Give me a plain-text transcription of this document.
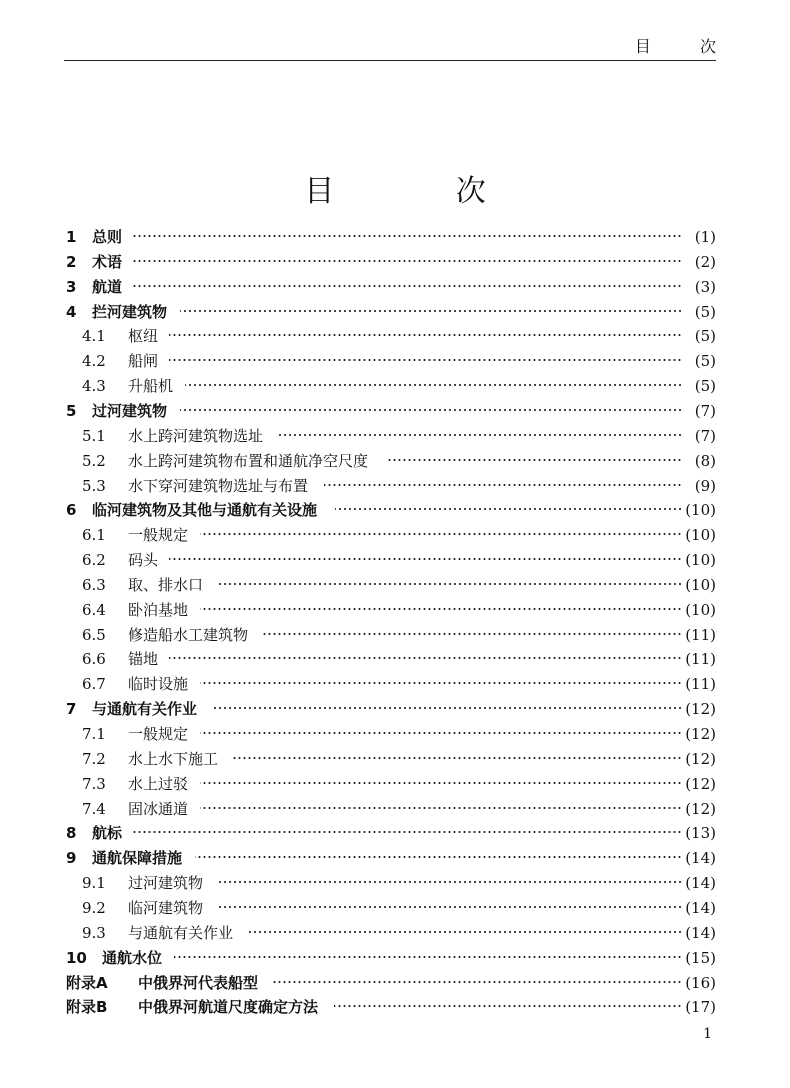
目 次
目 次
1 总则	(1)
2 术语	(2)
3 航道	(3)
4 拦河建筑物	(5)
4.1 枢纽	(5)
4.2 船闸	(5)
4.3 升船机	(5)
5 过河建筑物	(7)
5.1 水上跨河建筑物选址	(7)
5.2 水上跨河建筑物布置和通航净空尺度	(8)
5.3 水下穿河建筑物选址与布置	(9)
6 临河建筑物及其他与通航有关设施	(10)
6.1 一般规定	(10)
6.2 码头	(10)
6.3 取、排水口	(10)
6.4 卧泊基地	(10)
6.5 修造船水工建筑物	(11)
6.6 锚地	(11)
6.7 临时设施	(11)
7 与通航有关作业	(12)
7.1 一般规定	(12)
7.2 水上水下施工	(12)
7.3 水上过驳	(12)
7.4 固冰通道	(12)
8 航标	(13)
9 通航保障措施	(14)
9.1 过河建筑物	(14)
9.2 临河建筑物	(14)
9.3 与通航有关作业	(14)
10 通航水位	(15)
附录A 中俄界河代表船型	(16)
附录B 中俄界河航道尺度确定方法	(17)
1
